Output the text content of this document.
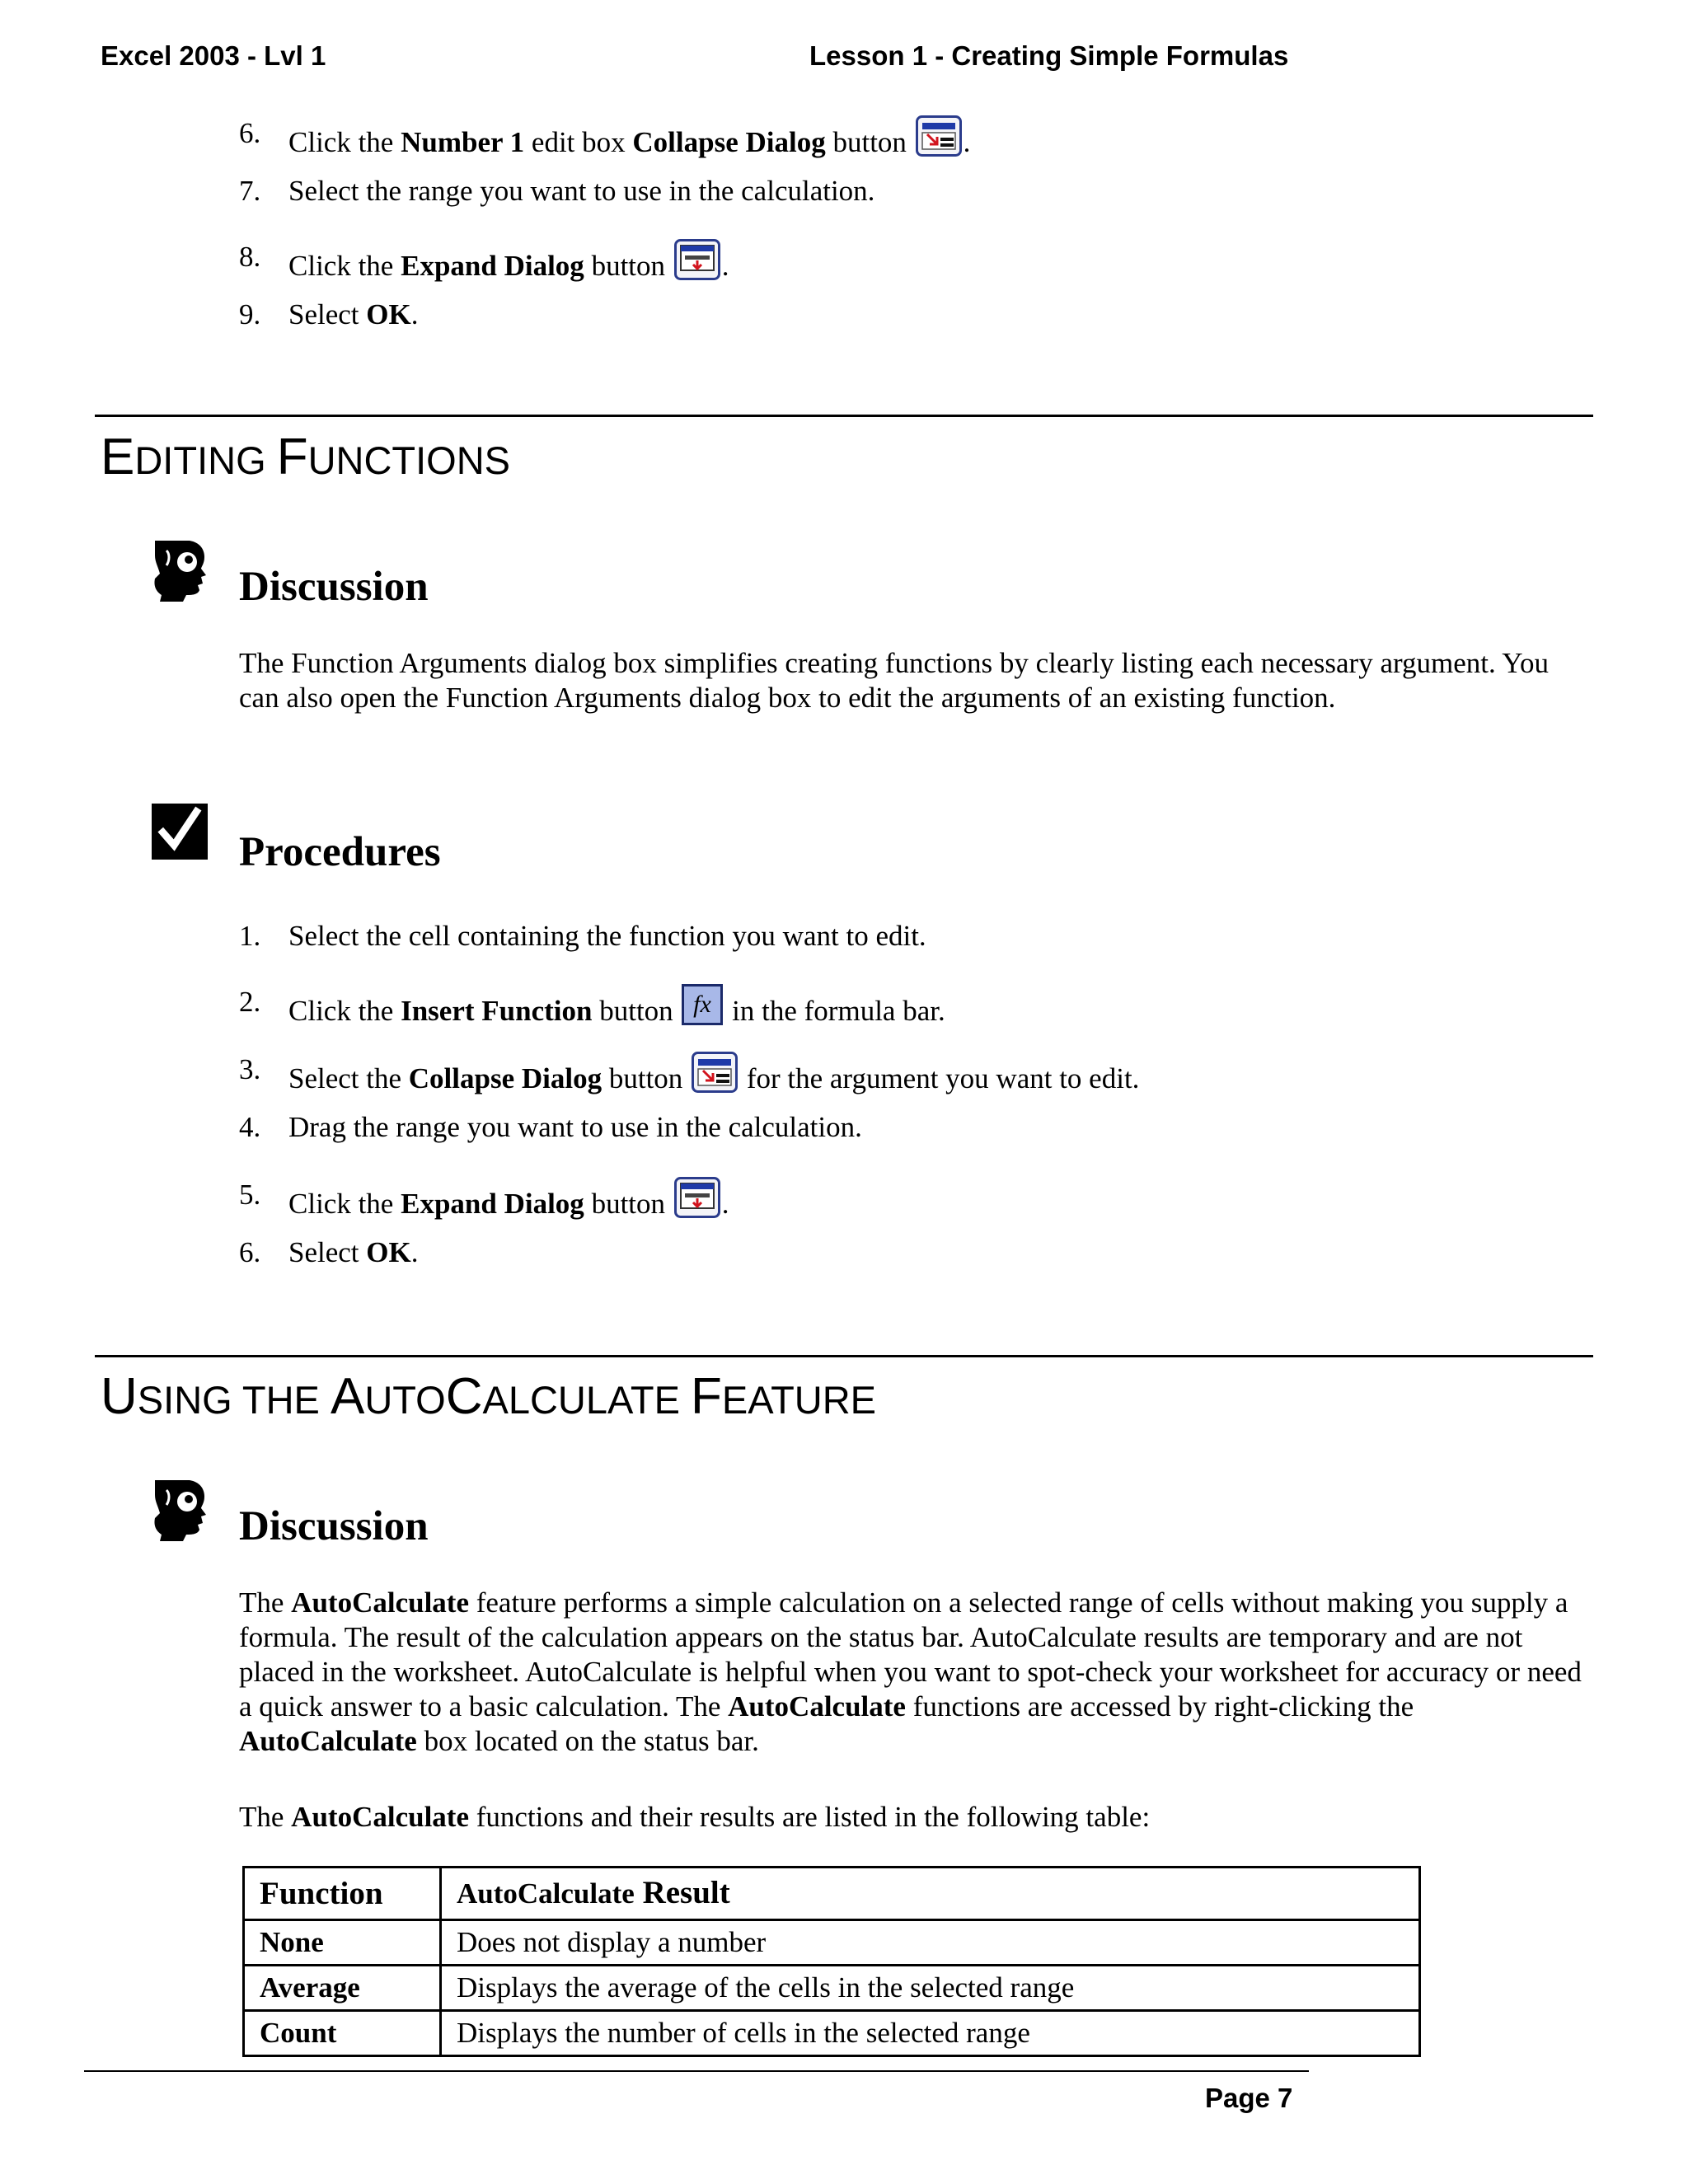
Excel 2003 - Lvl 1	Lesson 1 - Creating Simple Formulas
6. Click the Number 1 edit box Collapse Dialog button .
7. Select the range you want to use in the calculation.
8. Click the Expand Dialog button .
9. Select OK.
EDITING FUNCTIONS
Discussion

The Function Arguments dialog box simplifies creating functions by clearly listing each necessary argument. You can also open the Function Arguments dialog box to edit the arguments of an existing function.

Procedures
1. Select the cell containing the function you want to edit.
2. Click the Insert Function button  in the formula bar.
3. Select the Collapse Dialog button  for the argument you want to edit.
4. Drag the range you want to use in the calculation.
5. Click the Expand Dialog button .
6. Select OK.
USING THE AUTOCALCULATE FEATURE
Discussion

The AutoCalculate feature performs a simple calculation on a selected range of cells without making you supply a formula. The result of the calculation appears on the status bar. AutoCalculate results are temporary and are not placed in the worksheet. AutoCalculate is helpful when you want to spot-check your worksheet for accuracy or need a quick answer to a basic calculation. The AutoCalculate functions are accessed by right-clicking the AutoCalculate box located on the status bar.

The AutoCalculate functions and their results are listed in the following table:

Function	AutoCalculate Result
None	Does not display a number
Average	Displays the average of the cells in the selected range
Count	Displays the number of cells in the selected range
Page 7
